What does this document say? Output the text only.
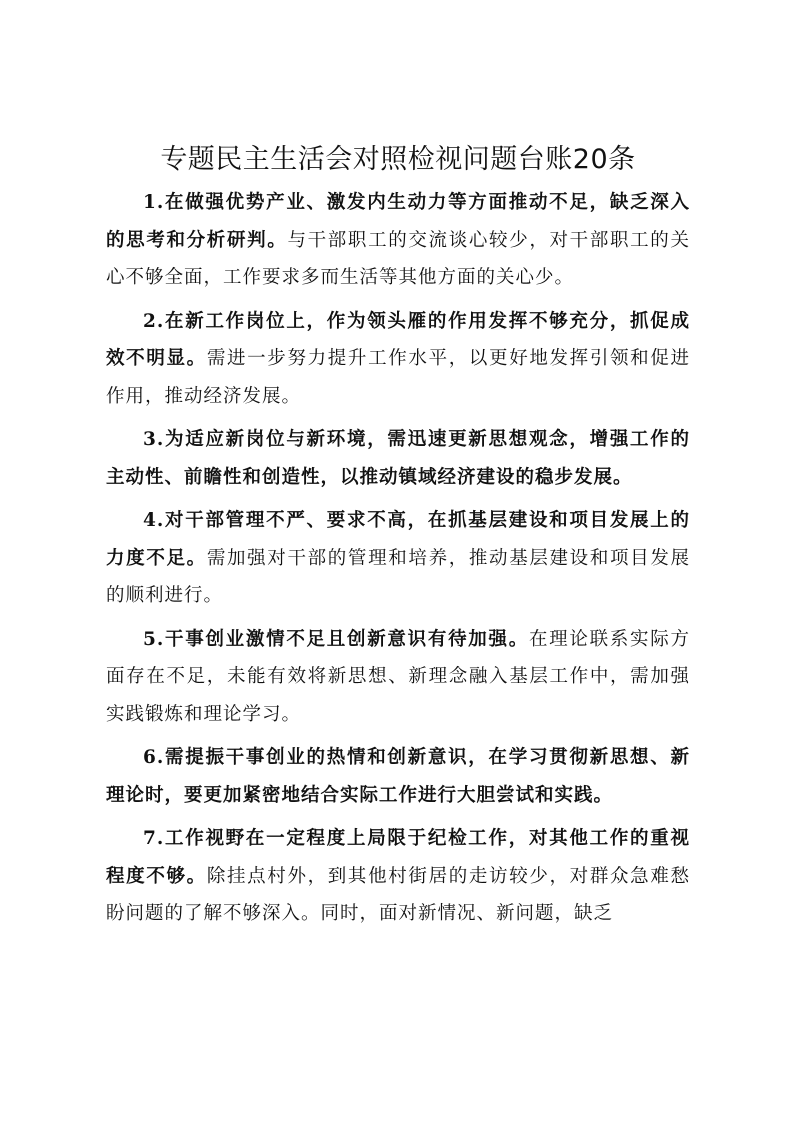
专题民主生活会对照检视问题台账20条

1.在做强优势产业、激发内生动力等方面推动不足，缺乏深入的思考和分析研判。与干部职工的交流谈心较少，对干部职工的关心不够全面，工作要求多而生活等其他方面的关心少。

2.在新工作岗位上，作为领头雁的作用发挥不够充分，抓促成效不明显。需进一步努力提升工作水平，以更好地发挥引领和促进作用，推动经济发展。

3.为适应新岗位与新环境，需迅速更新思想观念，增强工作的主动性、前瞻性和创造性，以推动镇域经济建设的稳步发展。

4.对干部管理不严、要求不高，在抓基层建设和项目发展上的力度不足。需加强对干部的管理和培养，推动基层建设和项目发展的顺利进行。

5.干事创业激情不足且创新意识有待加强。在理论联系实际方面存在不足，未能有效将新思想、新理念融入基层工作中，需加强实践锻炼和理论学习。

6.需提振干事创业的热情和创新意识，在学习贯彻新思想、新理论时，要更加紧密地结合实际工作进行大胆尝试和实践。

7.工作视野在一定程度上局限于纪检工作，对其他工作的重视程度不够。除挂点村外，到其他村街居的走访较少，对群众急难愁盼问题的了解不够深入。同时，面对新情况、新问题，缺乏
